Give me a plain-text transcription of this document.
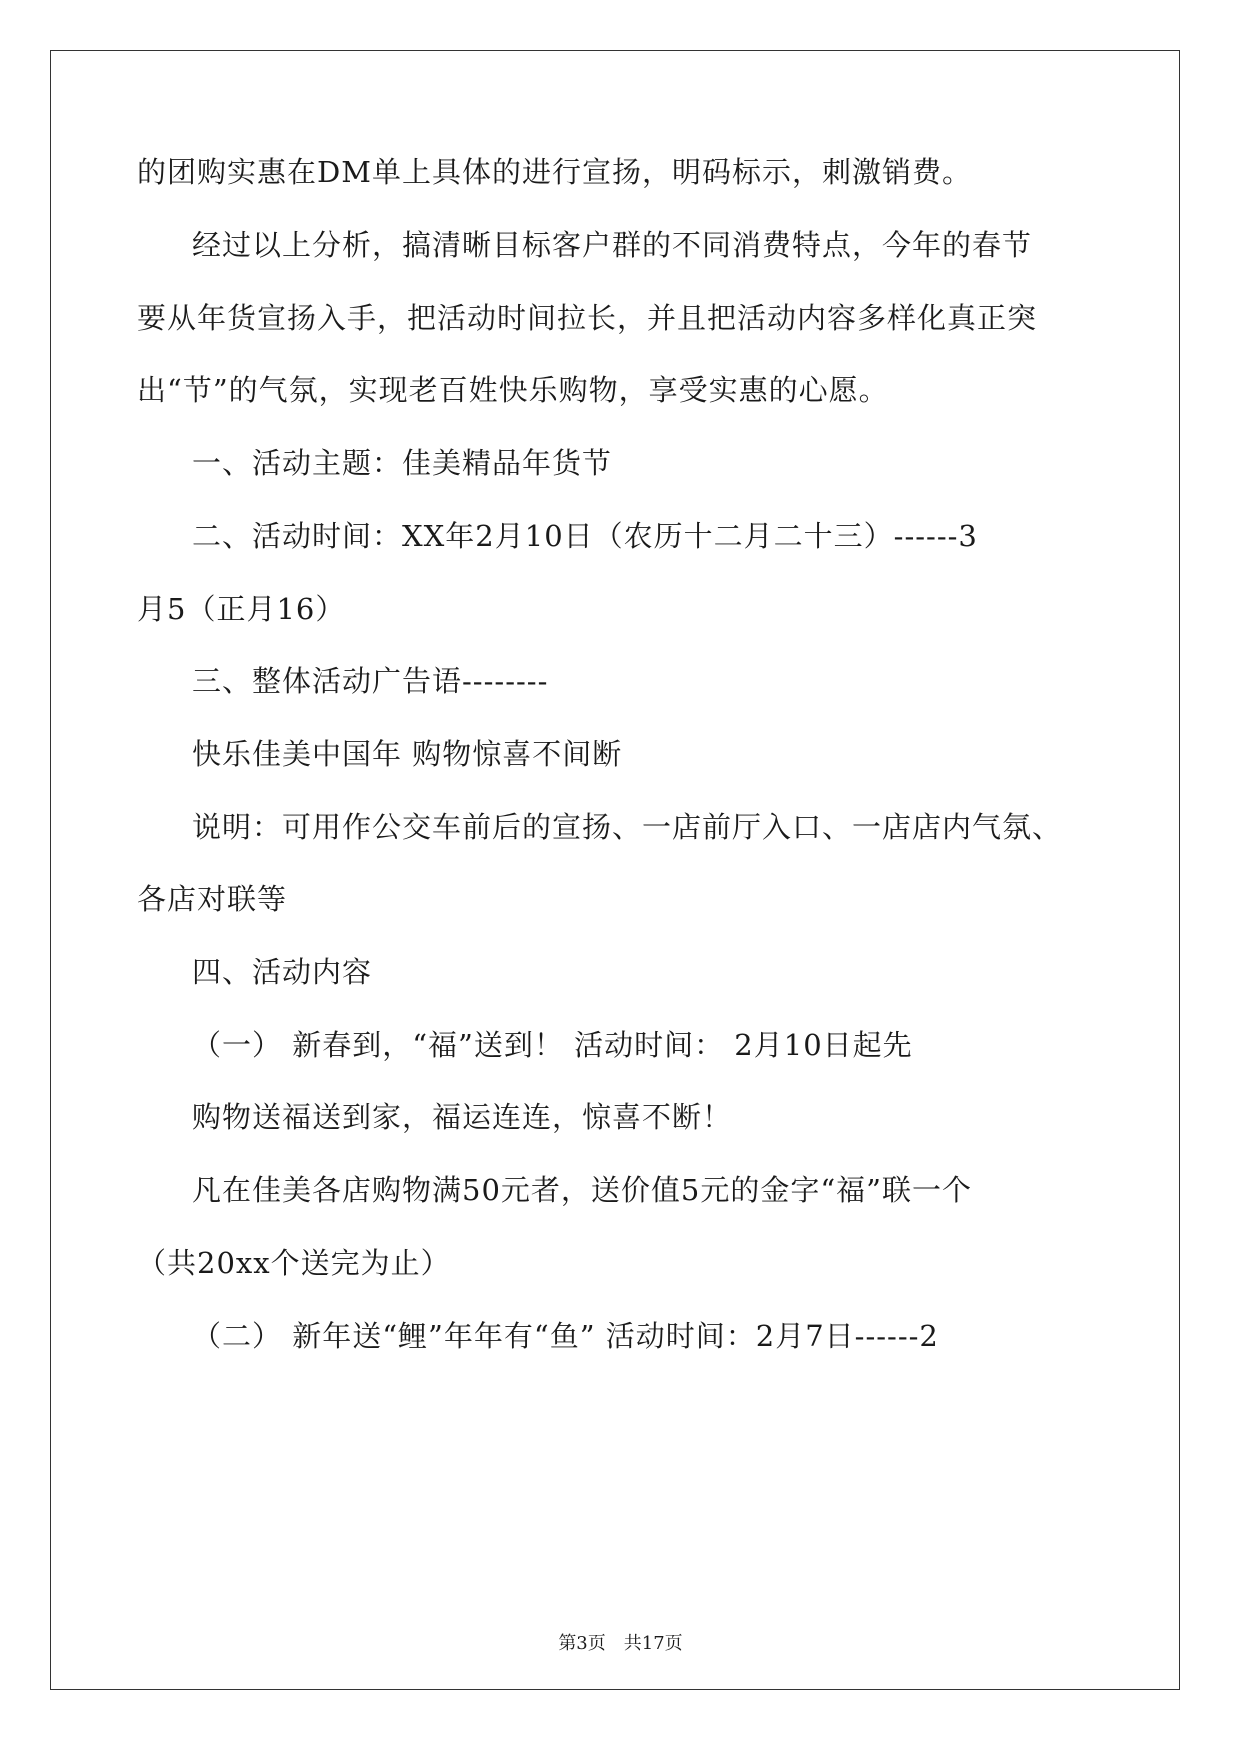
的团购实惠在DM单上具体的进行宣扬，明码标示，刺激销费。
经过以上分析，搞清晰目标客户群的不同消费特点，今年的春节
要从年货宣扬入手，把活动时间拉长，并且把活动内容多样化真正突
出“节”的气氛，实现老百姓快乐购物，享受实惠的心愿。
一、活动主题：佳美精品年货节
二、活动时间：XX年2月10日（农历十二月二十三）------3
月5（正月16）
三、整体活动广告语--------
快乐佳美中国年 购物惊喜不间断
说明：可用作公交车前后的宣扬、一店前厅入口、一店店内气氛、
各店对联等
四、活动内容
（一） 新春到，“福”送到！ 活动时间： 2月10日起先
购物送福送到家，福运连连，惊喜不断！
凡在佳美各店购物满50元者，送价值5元的金字“福”联一个
（共20xx个送完为止）
（二） 新年送“鲤”年年有“鱼” 活动时间：2月7日------2
第3页　共17页
